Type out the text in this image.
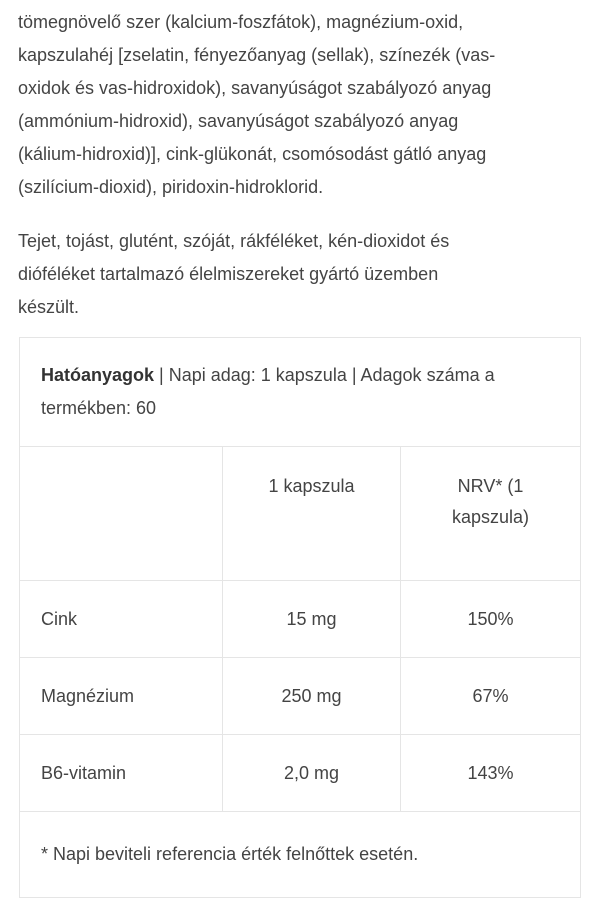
tömegnövelő szer (kalcium-foszfátok), magnézium-oxid,
kapszulahéj [zselatin, fényezőanyag (sellak), színezék (vas-
oxidok és vas-hidroxidok), savanyúságot szabályozó anyag
(ammónium-hidroxid), savanyúságot szabályozó anyag
(kálium-hidroxid)], cink-glükonát, csomósodást gátló anyag
(szilícium-dioxid), piridoxin-hidroklorid.

Tejet, tojást, glutént, szóját, rákféléket, kén-dioxidot és
dióféléket tartalmazó élelmiszereket gyártó üzemben
készült.

Hatóanyagok | Napi adag: 1 kapszula | Adagok száma a
termékben: 60		

	1 kapszula	NRV* (1
kapszula)

Cink	15 mg	150%
Magnézium	250 mg	67%
B6-vitamin	2,0 mg	143%
* Napi beviteli referencia érték felnőttek esetén.		
